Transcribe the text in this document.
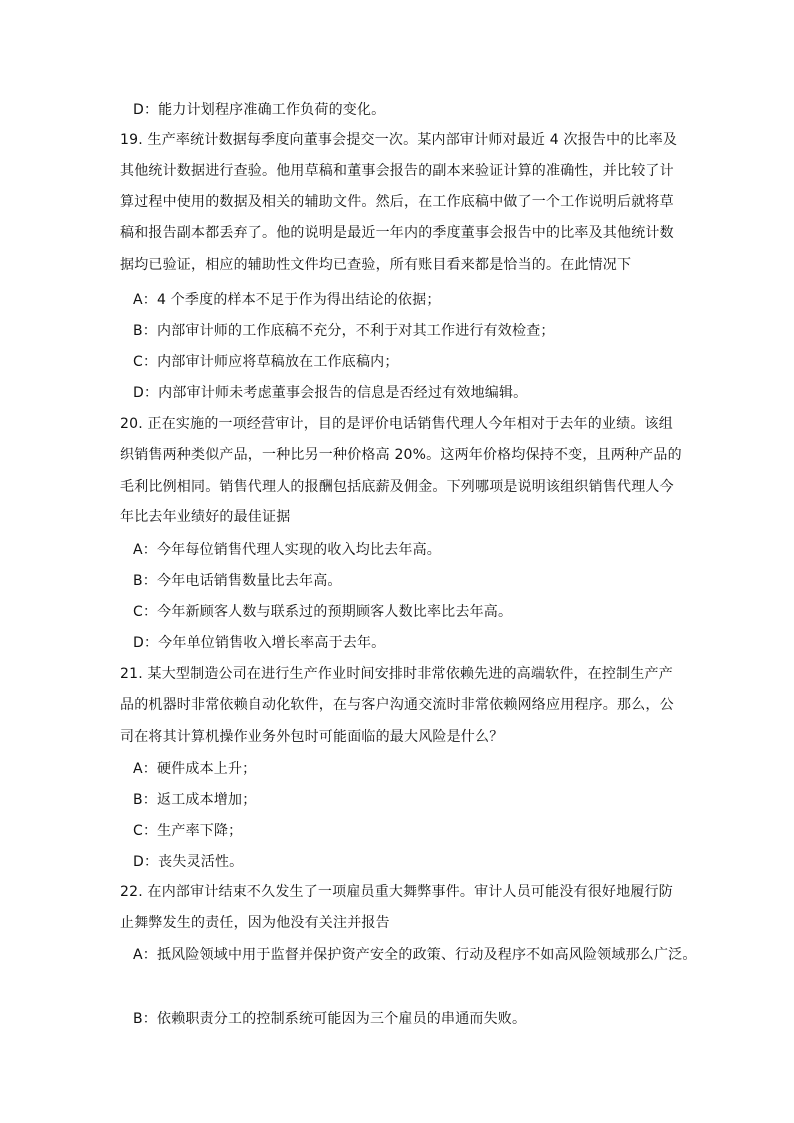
D：能力计划程序准确工作负荷的变化。
19. 生产率统计数据每季度向董事会提交一次。某内部审计师对最近 4 次报告中的比率及
其他统计数据进行查验。他用草稿和董事会报告的副本来验证计算的准确性，并比较了计
算过程中使用的数据及相关的辅助文件。然后，在工作底稿中做了一个工作说明后就将草
稿和报告副本都丢弃了。他的说明是最近一年内的季度董事会报告中的比率及其他统计数
据均已验证，相应的辅助性文件均已查验，所有账目看来都是恰当的。在此情况下
A：4 个季度的样本不足于作为得出结论的依据；
B：内部审计师的工作底稿不充分，不利于对其工作进行有效检查；
C：内部审计师应将草稿放在工作底稿内；
D：内部审计师未考虑董事会报告的信息是否经过有效地编辑。
20. 正在实施的一项经营审计，目的是评价电话销售代理人今年相对于去年的业绩。该组
织销售两种类似产品，一种比另一种价格高 20%。这两年价格均保持不变，且两种产品的
毛利比例相同。销售代理人的报酬包括底薪及佣金。下列哪项是说明该组织销售代理人今
年比去年业绩好的最佳证据
A：今年每位销售代理人实现的收入均比去年高。
B：今年电话销售数量比去年高。
C：今年新顾客人数与联系过的预期顾客人数比率比去年高。
D：今年单位销售收入增长率高于去年。
21. 某大型制造公司在进行生产作业时间安排时非常依赖先进的高端软件，在控制生产产
品的机器时非常依赖自动化软件，在与客户沟通交流时非常依赖网络应用程序。那么，公
司在将其计算机操作业务外包时可能面临的最大风险是什么？
A：硬件成本上升；
B：返工成本增加；
C：生产率下降；
D：丧失灵活性。
22. 在内部审计结束不久发生了一项雇员重大舞弊事件。审计人员可能没有很好地履行防
止舞弊发生的责任，因为他没有关注并报告
A：抵风险领域中用于监督并保护资产安全的政策、行动及程序不如高风险领域那么广泛。
B：依赖职责分工的控制系统可能因为三个雇员的串通而失败。
